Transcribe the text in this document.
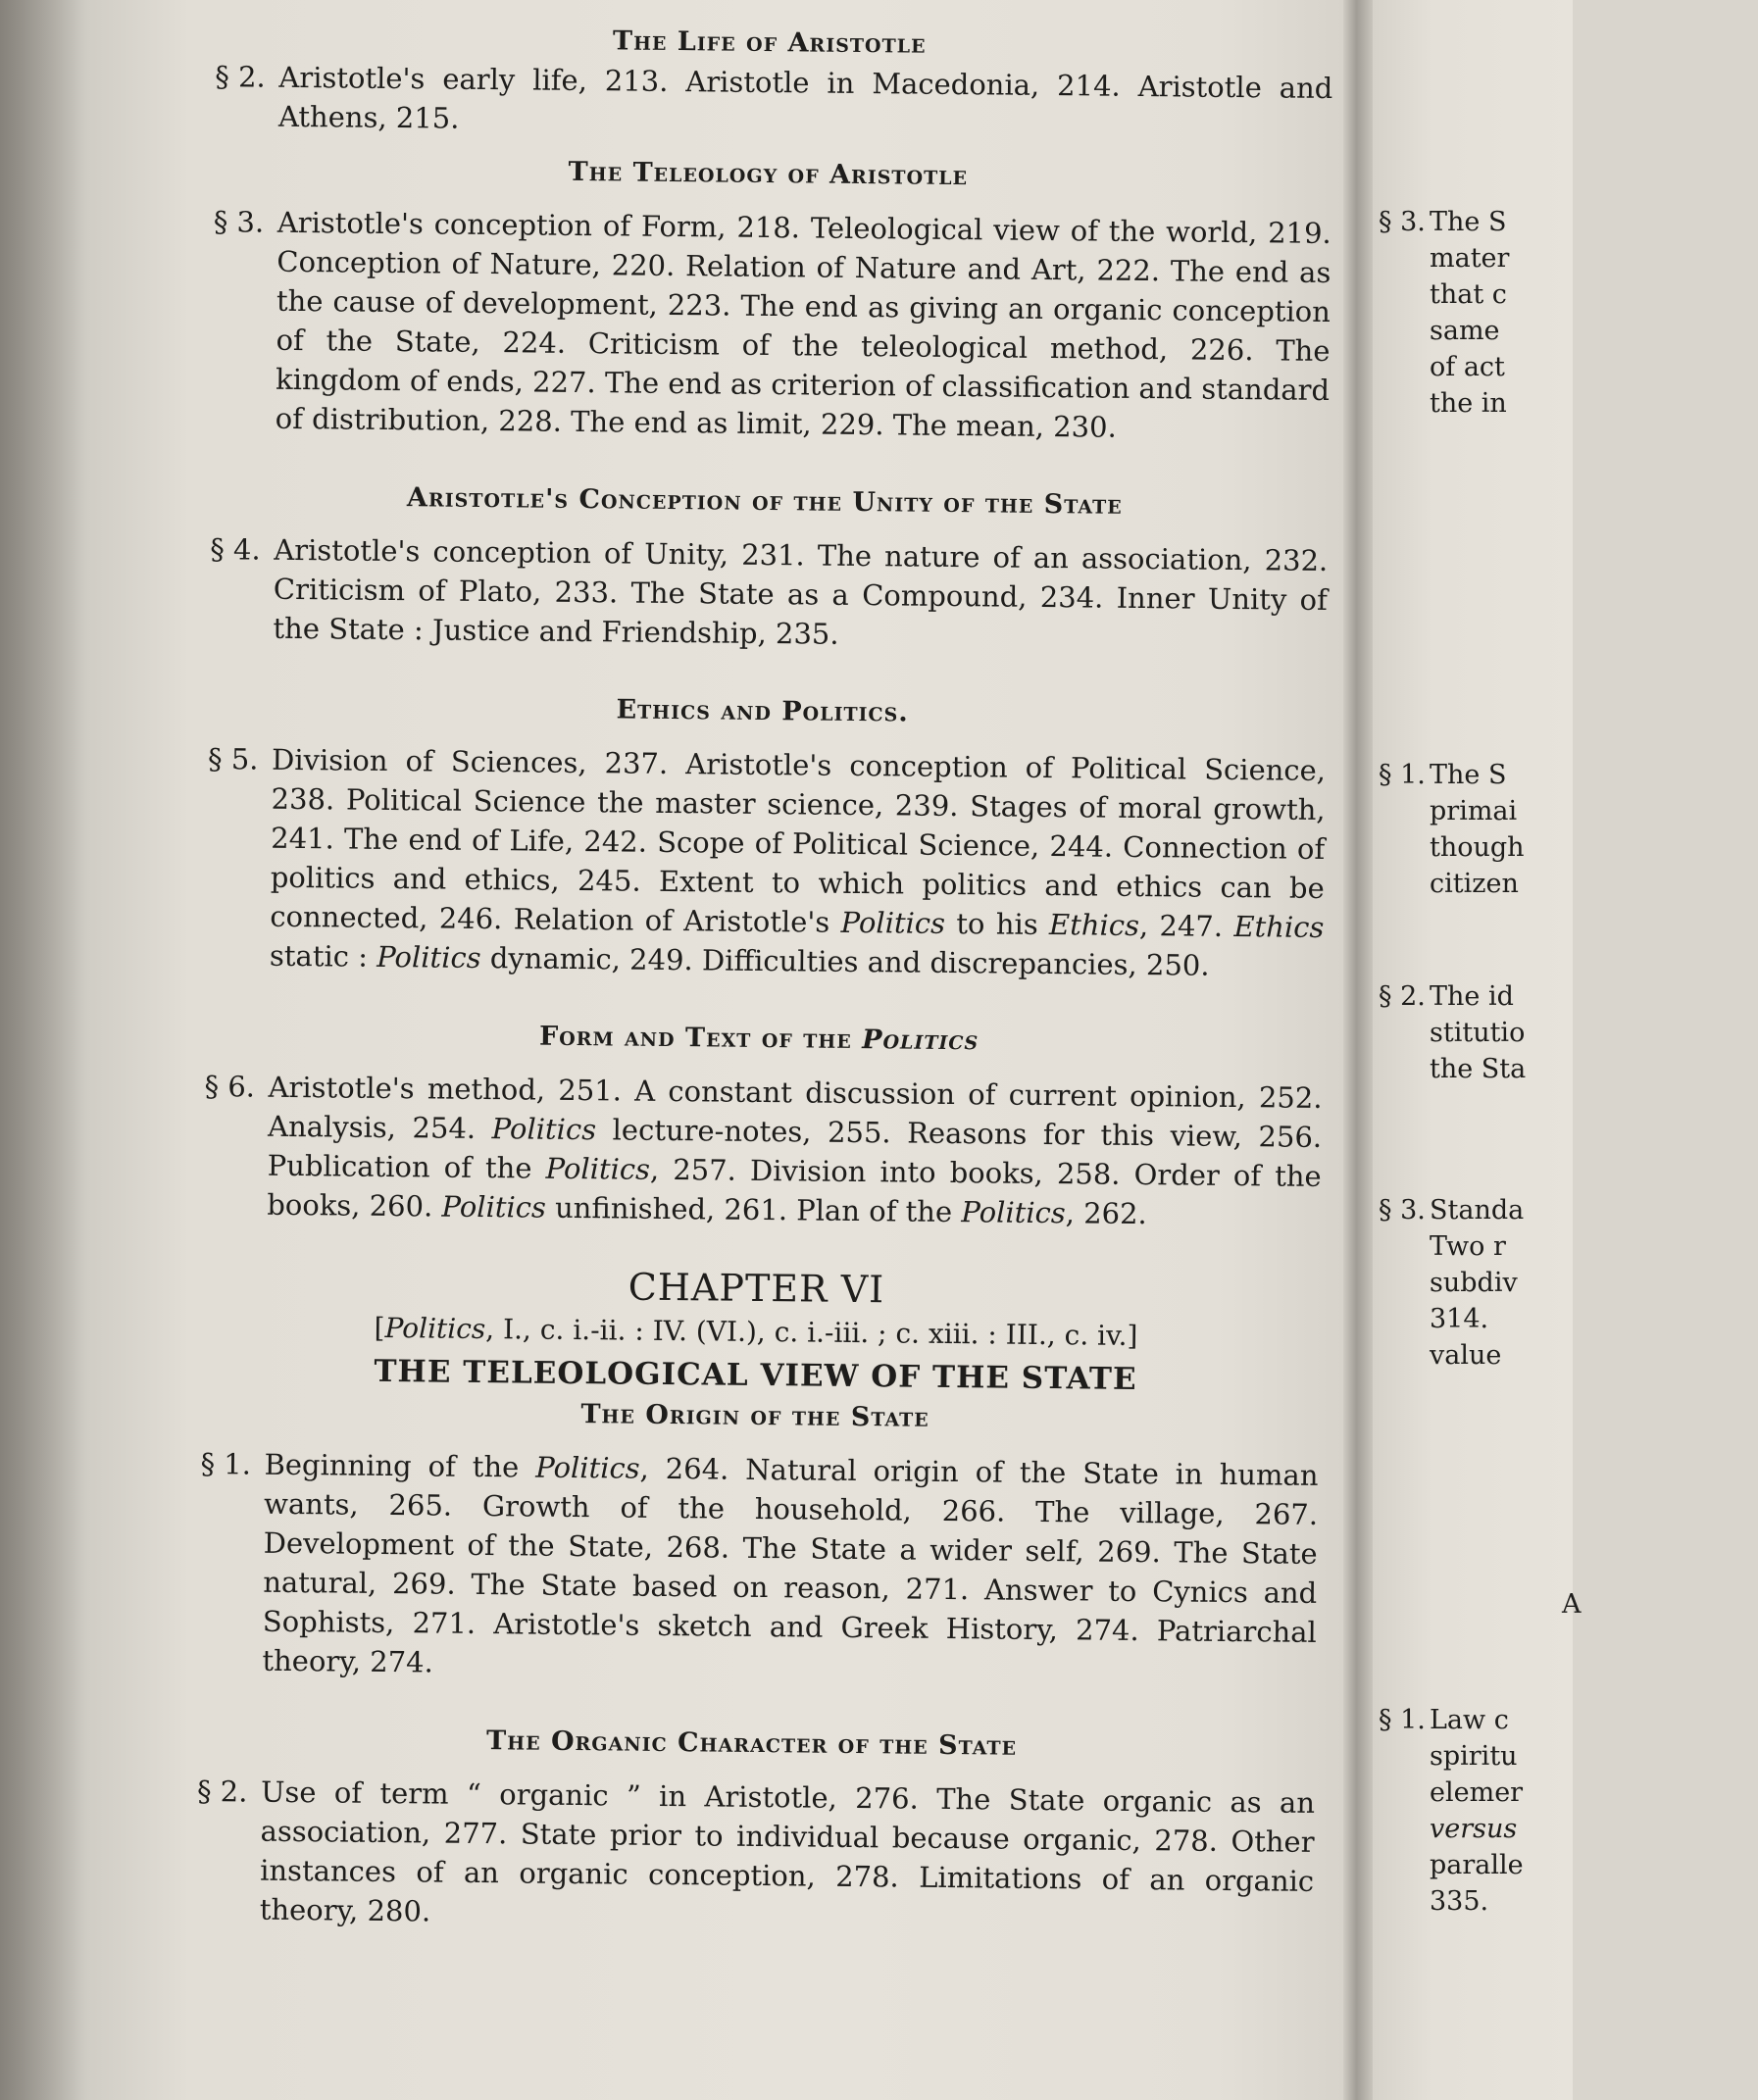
The Life of Aristotle

§ 2. Aristotle's early life, 213. Aristotle in Macedonia, 214. Aristotle and Athens, 215.

The Teleology of Aristotle

§ 3. Aristotle's conception of Form, 218. Teleological view of the world, 219. Conception of Nature, 220. Relation of Nature and Art, 222. The end as the cause of development, 223. The end as giving an organic conception of the State, 224. Criticism of the teleological method, 226. The kingdom of ends, 227. The end as criterion of classification and standard of distribution, 228. The end as limit, 229. The mean, 230.

Aristotle's Conception of the Unity of the State

§ 4. Aristotle's conception of Unity, 231. The nature of an association, 232. Criticism of Plato, 233. The State as a Compound, 234. Inner Unity of the State : Justice and Friendship, 235.

Ethics and Politics.

§ 5. Division of Sciences, 237. Aristotle's conception of Political Science, 238. Political Science the master science, 239. Stages of moral growth, 241. The end of Life, 242. Scope of Political Science, 244. Connection of politics and ethics, 245. Extent to which politics and ethics can be connected, 246. Relation of Aristotle's Politics to his Ethics, 247. Ethics static : Politics dynamic, 249. Difficulties and discrepancies, 250.

Form and Text of the Politics

§ 6. Aristotle's method, 251. A constant discussion of current opinion, 252. Analysis, 254. Politics lecture-notes, 255. Reasons for this view, 256. Publication of the Politics, 257. Division into books, 258. Order of the books, 260. Politics unfinished, 261. Plan of the Politics, 262.

CHAPTER VI

[Politics, I., c. i.-ii. : IV. (VI.), c. i.-iii. ; c. xiii. : III., c. iv.]

THE TELEOLOGICAL VIEW OF THE STATE

The Origin of the State

§ 1. Beginning of the Politics, 264. Natural origin of the State in human wants, 265. Growth of the household, 266. The village, 267. Development of the State, 268. The State a wider self, 269. The State natural, 269. The State based on reason, 271. Answer to Cynics and Sophists, 271. Aristotle's sketch and Greek History, 274. Patriarchal theory, 274.

The Organic Character of the State

§ 2. Use of term “ organic ” in Aristotle, 276. The State organic as an association, 277. State prior to individual because organic, 278. Other instances of an organic conception, 278. Limitations of an organic theory, 280.
§ 3. The S
mater
that c
same
of act
the in
§ 1. The S
primai
though
citizen
§ 2. The id
stitutio
the Sta
§ 3. Standa
Two r
subdiv
314.
value
A
§ 1. Law c
spiritu
elemer
versus
paralle
335.
